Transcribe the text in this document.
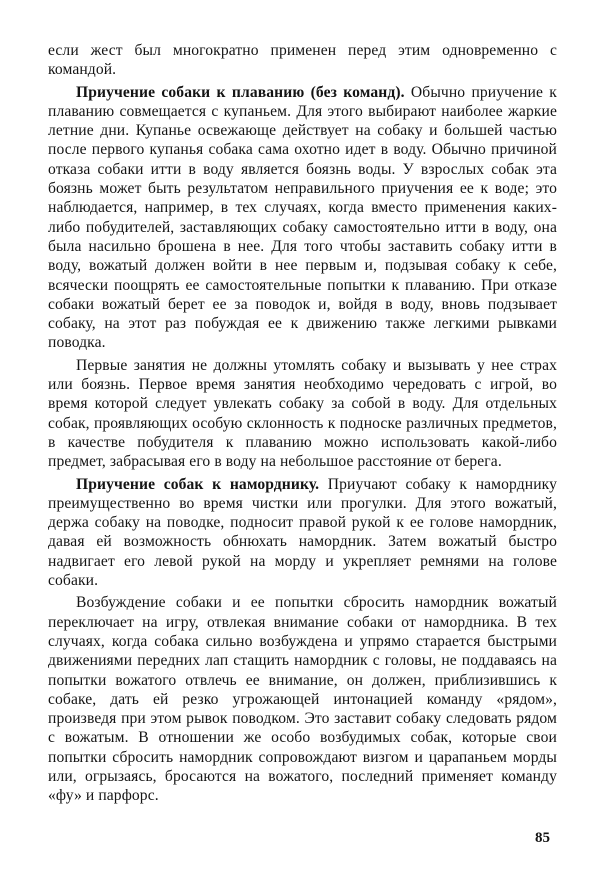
если жест был многократно применен перед этим одновременно с командой.

Приучение собаки к плаванию (без команд). Обычно приучение к плаванию совмещается с купаньем. Для этого выбирают наиболее жаркие летние дни. Купанье освежающе действует на собаку и большей частью после первого купанья собака сама охотно идет в воду. Обычно причиной отказа собаки итти в воду является боязнь воды. У взрослых собак эта боязнь может быть результатом неправильного приучения ее к воде; это наблюдается, например, в тех случаях, когда вместо применения каких-либо побудителей, заставляющих собаку самостоятельно итти в воду, она была насильно брошена в нее. Для того чтобы заставить собаку итти в воду, вожатый должен войти в нее первым и, подзывая собаку к себе, всячески поощрять ее самостоятельные попытки к плаванию. При отказе собаки вожатый берет ее за поводок и, войдя в воду, вновь подзывает собаку, на этот раз побуждая ее к движению также легкими рывками поводка.

Первые занятия не должны утомлять собаку и вызывать у нее страх или боязнь. Первое время занятия необходимо чередовать с игрой, во время которой следует увлекать собаку за собой в воду. Для отдельных собак, проявляющих особую склонность к подноске различных предметов, в качестве побудителя к плаванию можно использовать какой-либо предмет, забрасывая его в воду на небольшое расстояние от берега.

Приучение собак к наморднику. Приучают собаку к наморднику преимущественно во время чистки или прогулки. Для этого вожатый, держа собаку на поводке, подносит правой рукой к ее голове намордник, давая ей возможность обнюхать намордник. Затем вожатый быстро надвигает его левой рукой на морду и укрепляет ремнями на голове собаки.

Возбуждение собаки и ее попытки сбросить намордник вожатый переключает на игру, отвлекая внимание собаки от намордника. В тех случаях, когда собака сильно возбуждена и упрямо старается быстрыми движениями передних лап стащить намордник с головы, не поддаваясь на попытки вожатого отвлечь ее внимание, он должен, приблизившись к собаке, дать ей резко угрожающей интонацией команду «рядом», произведя при этом рывок поводком. Это заставит собаку следовать рядом с вожатым. В отношении же особо возбудимых собак, которые свои попытки сбросить намордник сопровождают визгом и царапаньем морды или, огрызаясь, бросаются на вожатого, последний применяет команду «фу» и парфорс.

85
